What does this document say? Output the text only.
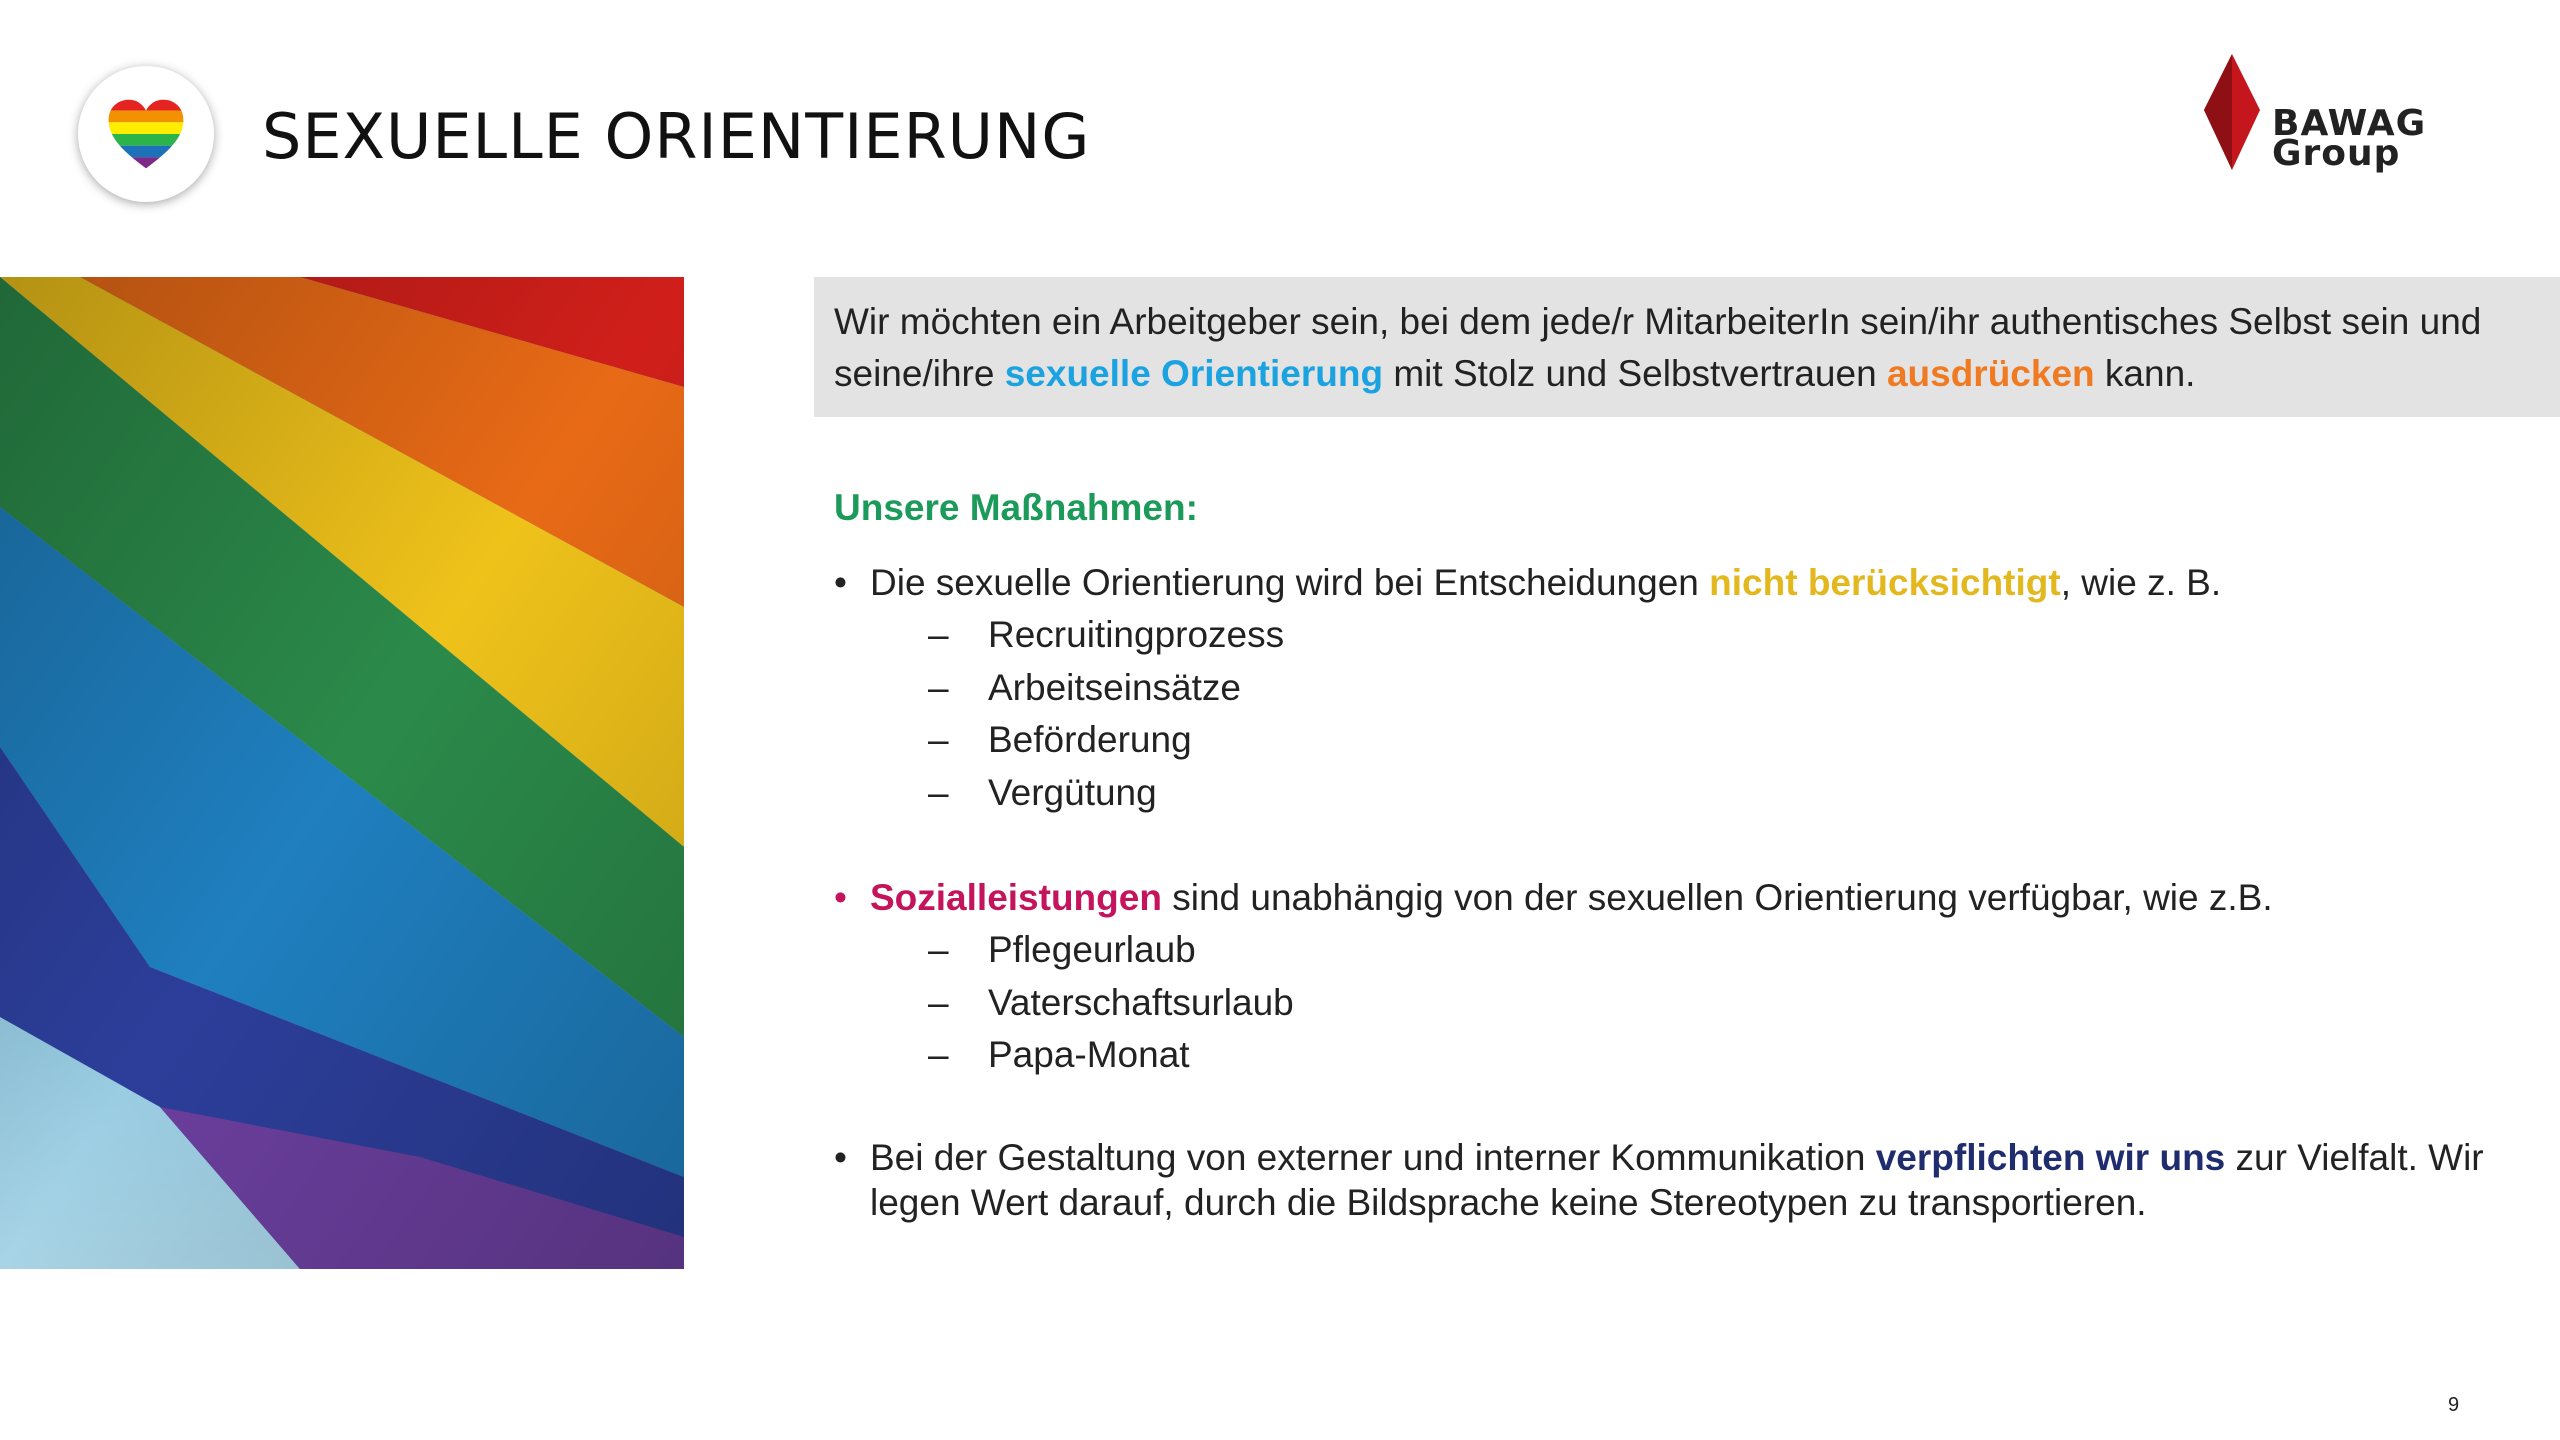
SEXUELLE ORIENTIERUNG	BAWAG
Group
Wir möchten ein Arbeitgeber sein, bei dem jede/r MitarbeiterIn sein/ihr authentisches Selbst sein und seine/ihre sexuelle Orientierung mit Stolz und Selbstvertrauen ausdrücken kann.
Unsere Maßnahmen:
• Die sexuelle Orientierung wird bei Entscheidungen nicht berücksichtigt, wie z. B.
– Recruitingprozess
– Arbeitseinsätze
– Beförderung
– Vergütung
• Sozialleistungen sind unabhängig von der sexuellen Orientierung verfügbar, wie z.B.
– Pflegeurlaub
– Vaterschaftsurlaub
– Papa-Monat
• Bei der Gestaltung von externer und interner Kommunikation verpflichten wir uns zur Vielfalt. Wir legen Wert darauf, durch die Bildsprache keine Stereotypen zu transportieren.
9
